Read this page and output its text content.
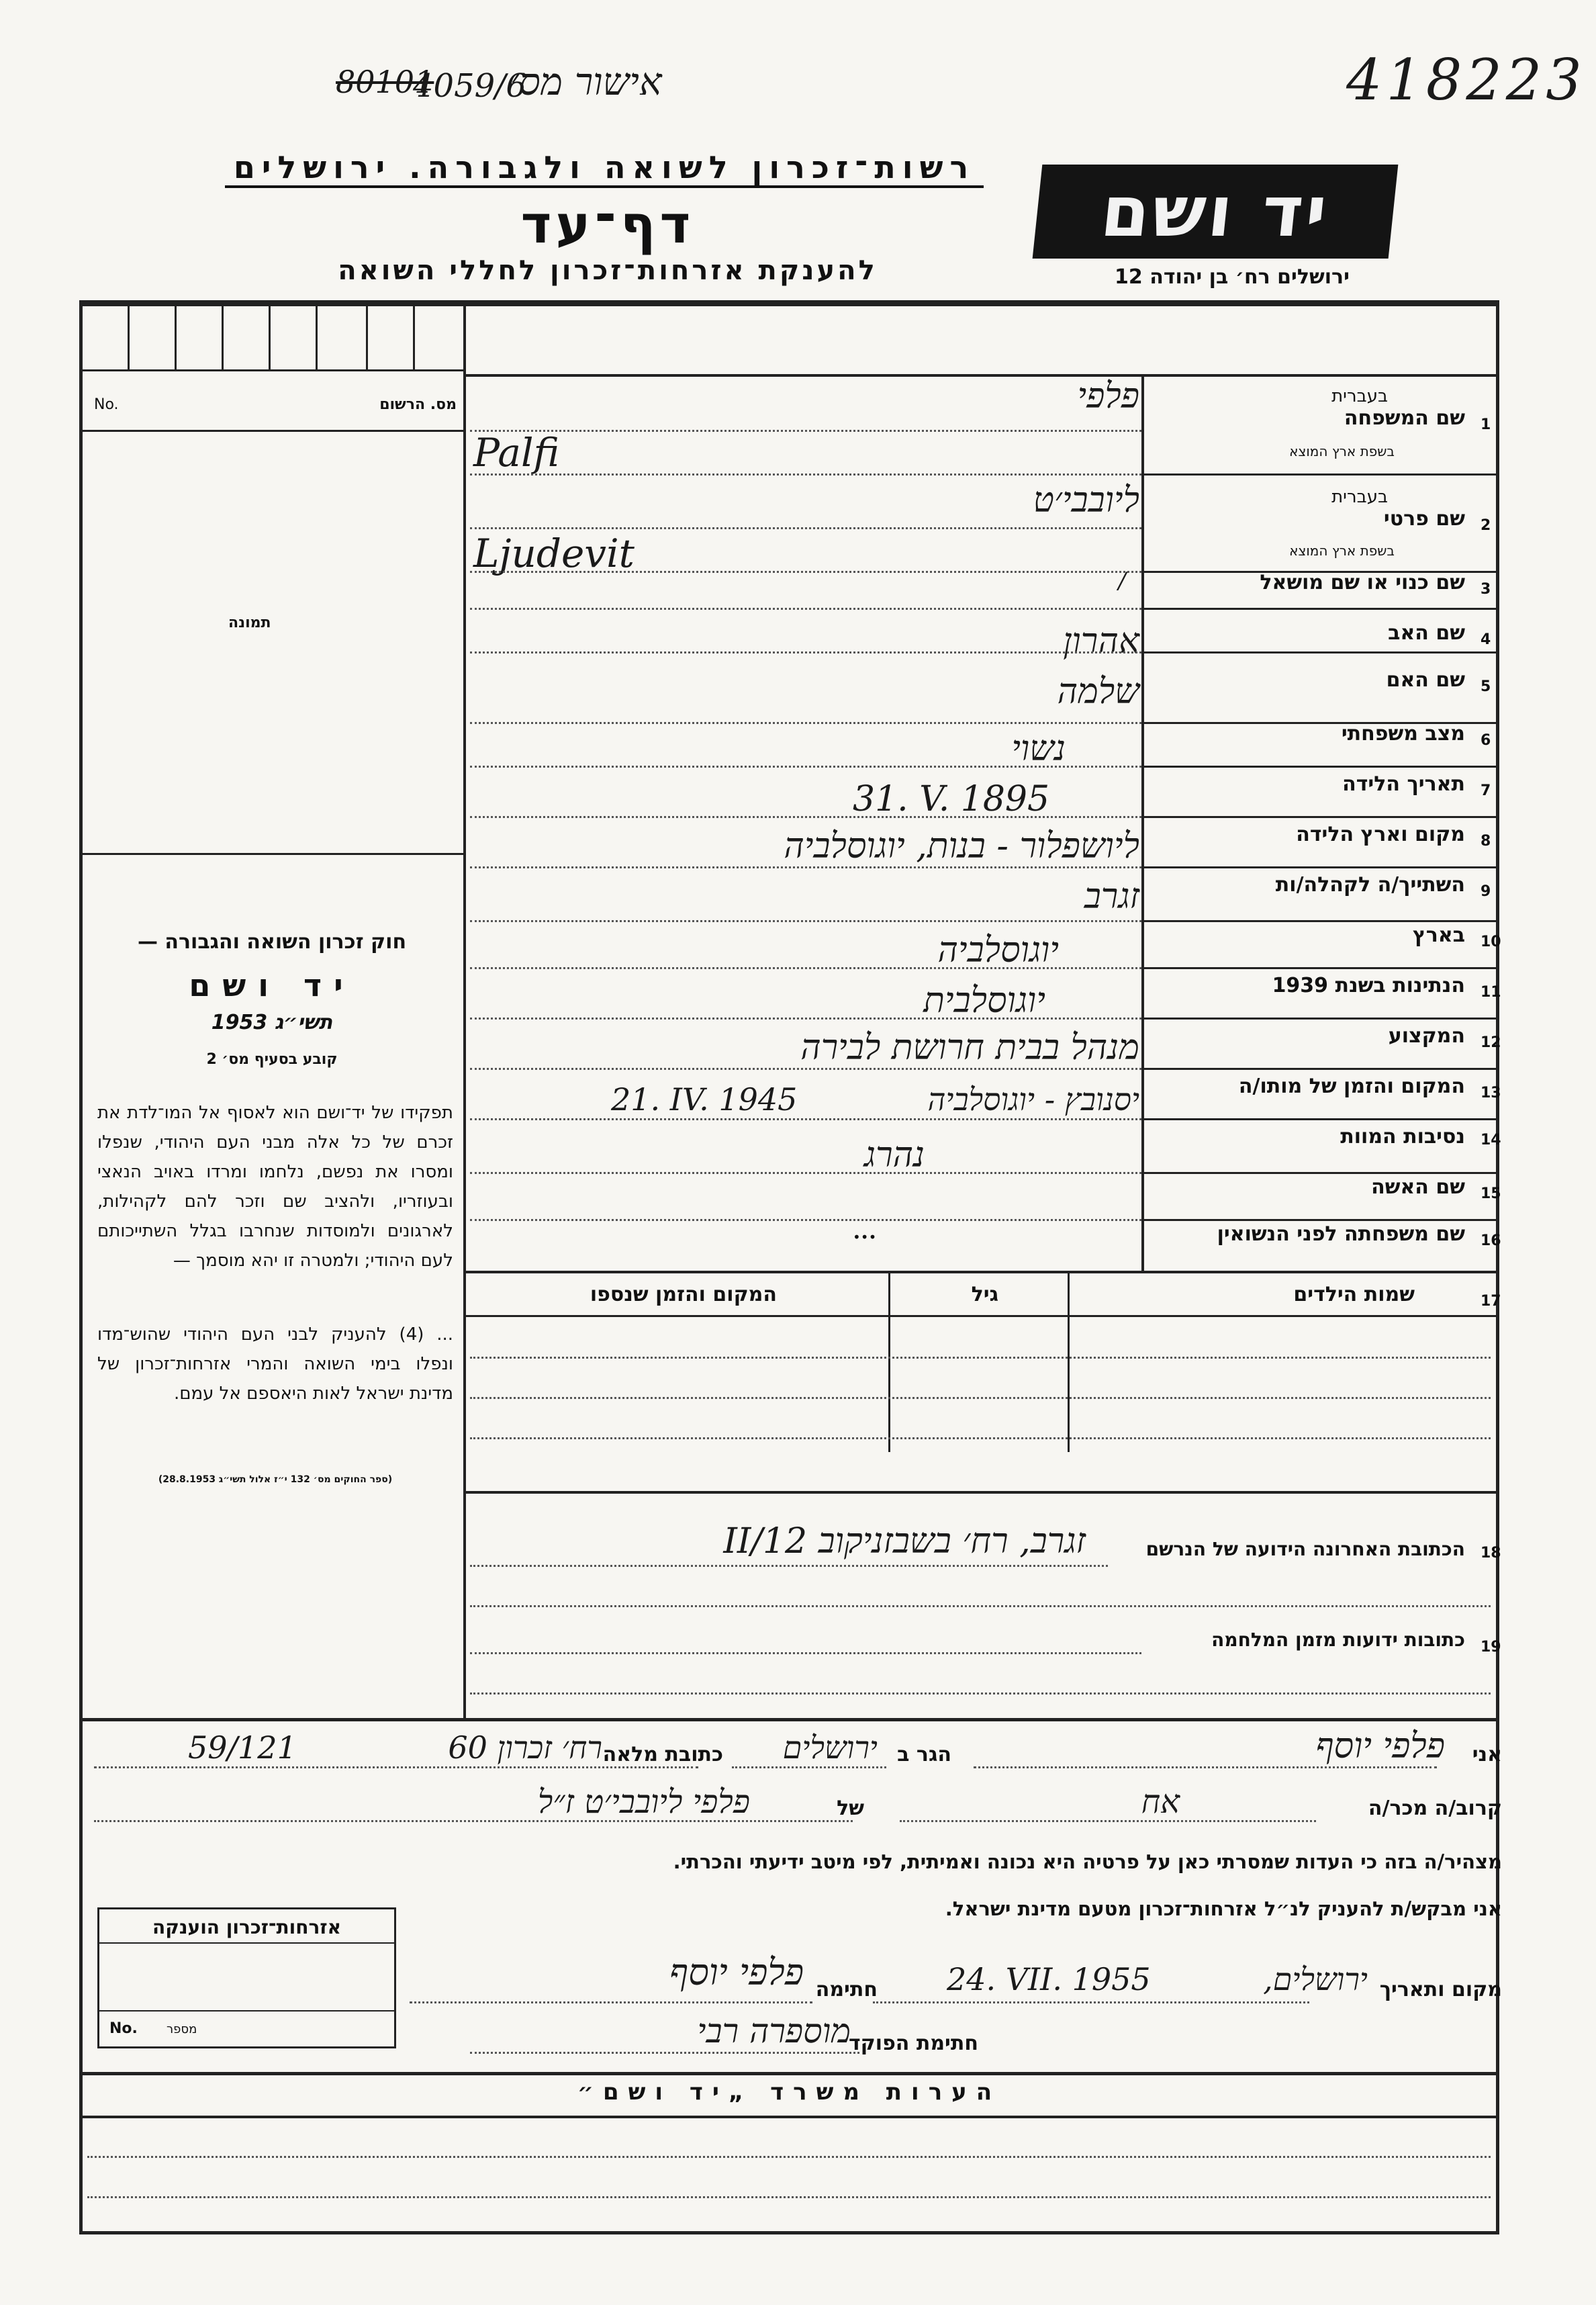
80101
4059/6
אישור מס׳	418223
רשות־זכרון לשואה ולגבורה. ירושלים
דף־עד
להענקת אזרחות־זכרון לחללי השואה
יד ושם
ירושלים רח׳ בן יהודה 12
No.	מס. הרשום
תמונה
חוק זכרון השואה והגבורה —
יד ושם
תשי״ג 1953
קובע בסעיף מס׳ 2
תפקידו של יד־ושם הוא לאסוף אל המו־לדת את זכרם של כל אלה מבני העם היהודי, שנפלו ומסרו את נפשם, נלחמו ומרדו באויב הנאצי ובעוזריו, ולהציב שם וזכר להם לקהילות, לארגונים ולמוסדות שנחרבו בגלל השתייכותם לעם היהודי; ולמטרה זו יהא מוסמך —
... (4) להעניק לבני העם היהודי שהוש־מדו ונפלו בימי השואה והמרי אזרחות־זכרון של מדינת ישראל לאות היאספם אל עמם.
(ספר החוקים מס׳ 132 י״ז אלול תשי״ג 28.8.1953)
1
שם המשפחה
בעברית
בשפת ארץ המוצא
פלפי
Palfi
2
שם פרטי
בעברית
בשפת ארץ המוצא
ליובבי׳ט
Ljudevit
3
שם כנוי או שם מושאל
/
4
שם האב
אהרון
5
שם האם
שלמה
6
מצב משפחתי
נשוי
7
תאריך הלידה
31. V. 1895
8
מקום וארץ הלידה
ליושפלור - בנות, יוגוסלביה
9
השתייך/ה לקהלה/ות
זגרב
10
בארץ
יוגוסלביה
11
הנתינות בשנת 1939
יוגוסלבית
12
המקצוע
מנהל בבית חרושת לבירה
13
המקום והזמן של מותו/ה
יסנובץ - יוגוסלביה
21. IV. 1945
14
נסיבות המוות
נהרג
15
שם האשה
16
שם משפחתה לפני הנשואין
•••
17
שמות הילדים
גיל
המקום והזמן שנספו
18
הכתובת האחרונה הידועה של הנרשם
זגרב, רח׳ בשבזניקוב 12/II
19
כתובות ידועות מזמן המלחמה
אני
פלפי יוסף
הגר ב
ירושלים
כתובת מלאה
רח׳ זכרון 60
59/121
קרוב/ה מכר/ה
אח
של
פלפי ליובבי׳ט ז״ל
מצהיר/ה בזה כי העדות שמסרתי כאן על פרטיה היא נכונה ואמיתית, לפי מיטב ידיעתי והכרתי.
אני מבקש/ת להעניק לנ״ל אזרחות־זכרון מטעם מדינת ישראל.
אזרחות־זכרון הוענקה
No. מספר
מקום ותאריך
ירושלים,
24. VII. 1955
חתימה
פלפי יוסף
חתימת הפוקד
מוספרה רבי
הערות משרד „יד ושם״
